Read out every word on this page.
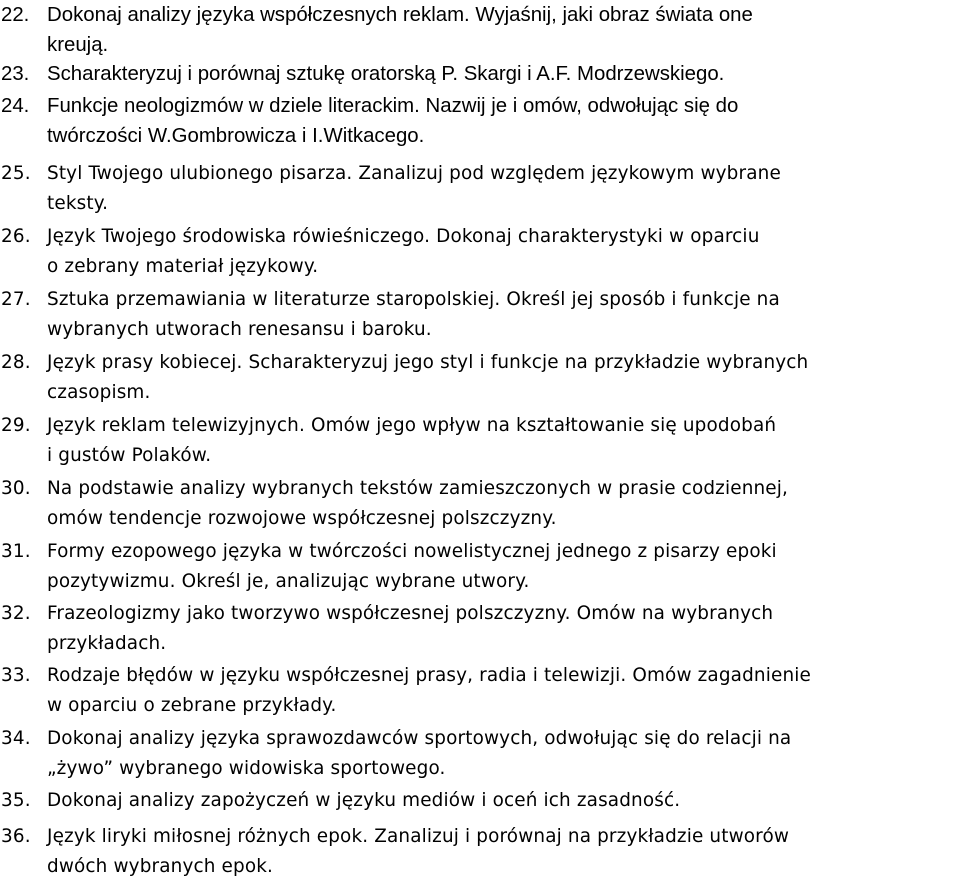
22. Dokonaj analizy języka współczesnych reklam. Wyjaśnij, jaki obraz świata one
kreują.
23. Scharakteryzuj i porównaj sztukę oratorską P. Skargi i A.F. Modrzewskiego.
24. Funkcje neologizmów w dziele literackim. Nazwij je i omów, odwołując się do
twórczości W.Gombrowicza i I.Witkacego.
25. Styl Twojego ulubionego pisarza. Zanalizuj pod względem językowym wybrane
teksty.
26. Język Twojego środowiska rówieśniczego. Dokonaj charakterystyki w oparciu
o zebrany materiał językowy.
27. Sztuka przemawiania w literaturze staropolskiej. Określ jej sposób i funkcje na
wybranych utworach renesansu i baroku.
28. Język prasy kobiecej. Scharakteryzuj jego styl i funkcje na przykładzie wybranych
czasopism.
29. Język reklam telewizyjnych. Omów jego wpływ na kształtowanie się upodobań
i gustów Polaków.
30. Na podstawie analizy wybranych tekstów zamieszczonych w prasie codziennej,
omów tendencje rozwojowe współczesnej polszczyzny.
31. Formy ezopowego języka w twórczości nowelistycznej jednego z pisarzy epoki
pozytywizmu. Określ je, analizując wybrane utwory.
32. Frazeologizmy jako tworzywo współczesnej polszczyzny. Omów na wybranych
przykładach.
33. Rodzaje błędów w języku współczesnej prasy, radia i telewizji. Omów zagadnienie
w oparciu o zebrane przykłady.
34. Dokonaj analizy języka sprawozdawców sportowych, odwołując się do relacji na
„żywo” wybranego widowiska sportowego.
35. Dokonaj analizy zapożyczeń w języku mediów i oceń ich zasadność.
36. Język liryki miłosnej różnych epok. Zanalizuj i porównaj na przykładzie utworów
dwóch wybranych epok.
